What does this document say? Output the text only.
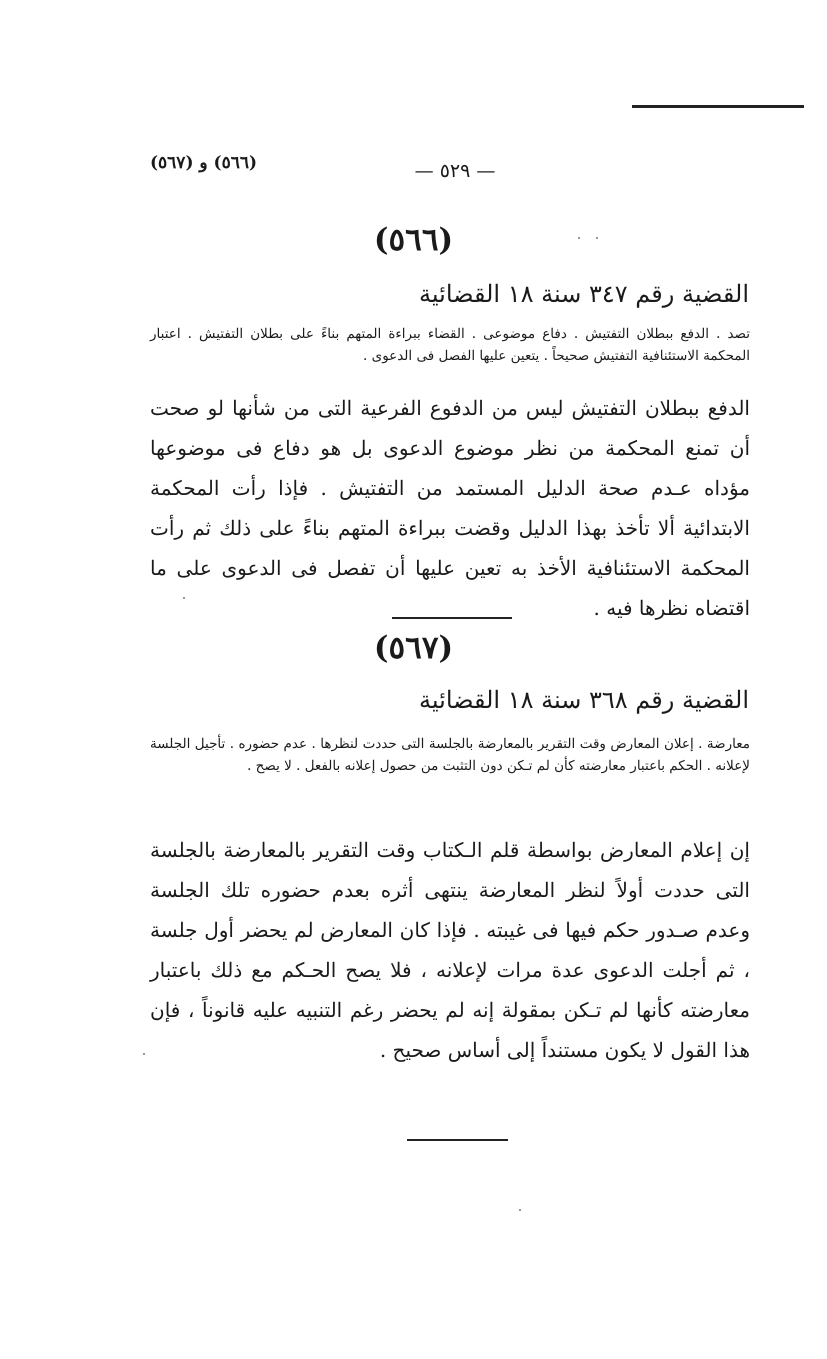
(٥٦٦) و (٥٦٧)	— ٥٢٩ —
(٥٦٦)
القضية رقم ٣٤٧ سنة ١٨ القضائية
تصد . الدفع ببطلان التفتيش . دفاع موضوعى . القضاء ببراءة المتهم بناءً على بطلان التفتيش . اعتبار المحكمة الاستئنافية التفتيش صحيحاً . يتعين عليها الفصل فى الدعوى .
الدفع ببطلان التفتيش ليس من الدفوع الفرعية التى من شأنها لو صحت أن تمنع المحكمة من نظر موضوع الدعوى بل هو دفاع فى موضوعها مؤداه عـدم صحة الدليل المستمد من التفتيش . فإذا رأت المحكمة الابتدائية ألا تأخذ بهذا الدليل وقضت ببراءة المتهم بناءً على ذلك ثم رأت المحكمة الاستئنافية الأخذ به تعين عليها أن تفصل فى الدعوى على ما اقتضاه نظرها فيه .
(٥٦٧)
القضية رقم ٣٦٨ سنة ١٨ القضائية
معارضة . إعلان المعارض وقت التقرير بالمعارضة بالجلسة التى حددت لنظرها . عدم حضوره . تأجيل الجلسة لإعلانه . الحكم باعتبار معارضته كأن لم تـكن دون التثبت من حصول إعلانه بالفعل . لا يصح .
إن إعلام المعارض بواسطة قلم الـكتاب وقت التقرير بالمعارضة بالجلسة التى حددت أولاً لنظر المعارضة ينتهى أثره بعدم حضوره تلك الجلسة وعدم صـدور حكم فيها فى غيبته . فإذا كان المعارض لم يحضر أول جلسة ، ثم أجلت الدعوى عدة مرات لإعلانه ، فلا يصح الحـكم مع ذلك باعتبار معارضته كأنها لم تـكن بمقولة إنه لم يحضر رغم التنبيه عليه قانوناً ، فإن هذا القول لا يكون مستنداً إلى أساس صحيح .
